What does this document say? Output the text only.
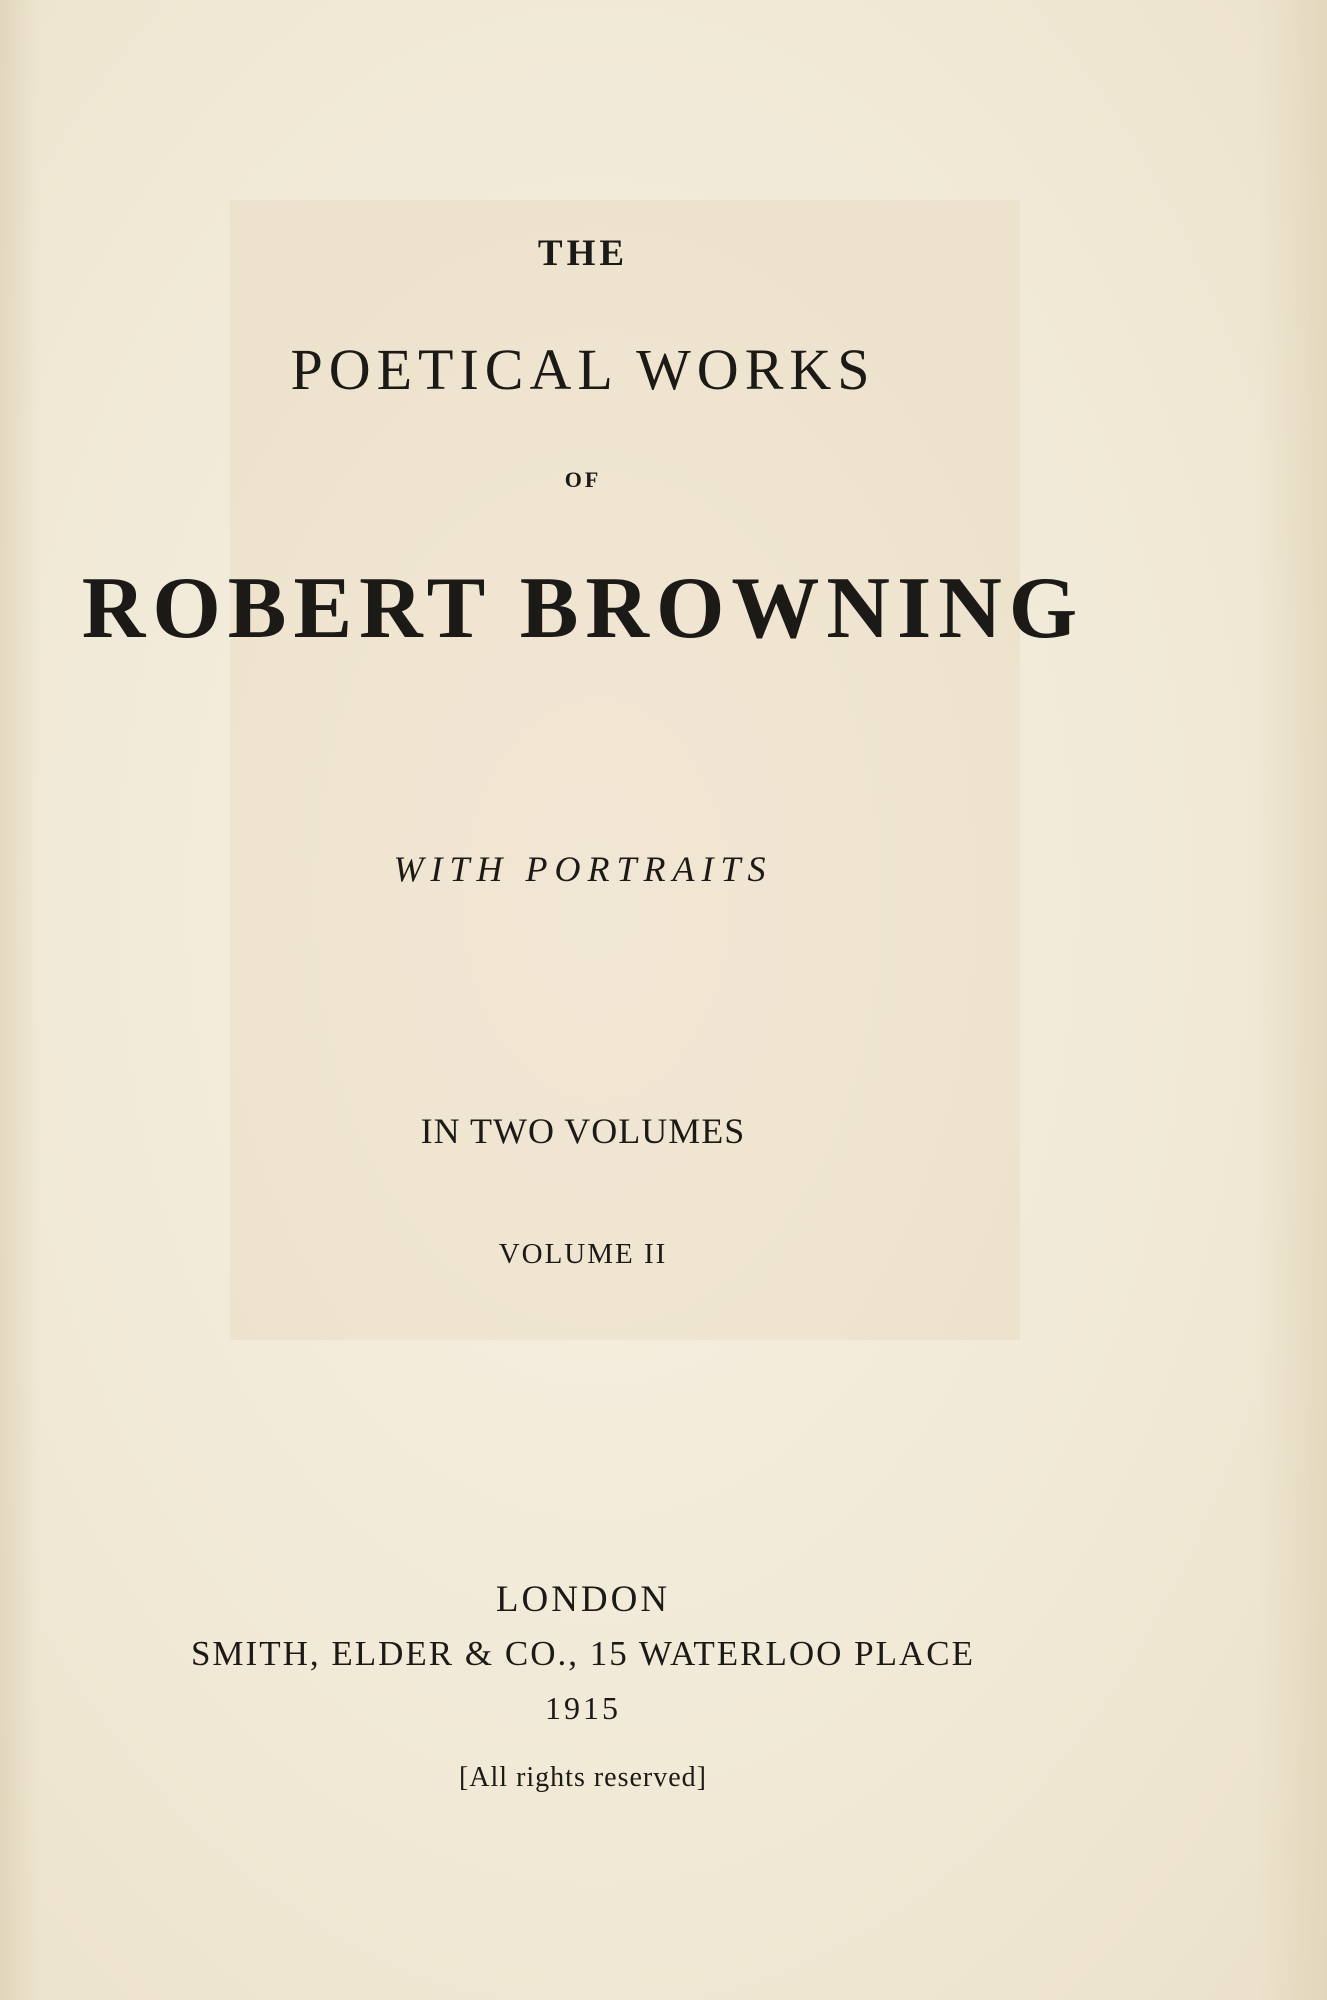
THE
POETICAL WORKS
OF
ROBERT BROWNING
WITH PORTRAITS
IN TWO VOLUMES
VOLUME II
LONDON
SMITH, ELDER & CO., 15 WATERLOO PLACE
1915
[All rights reserved]
